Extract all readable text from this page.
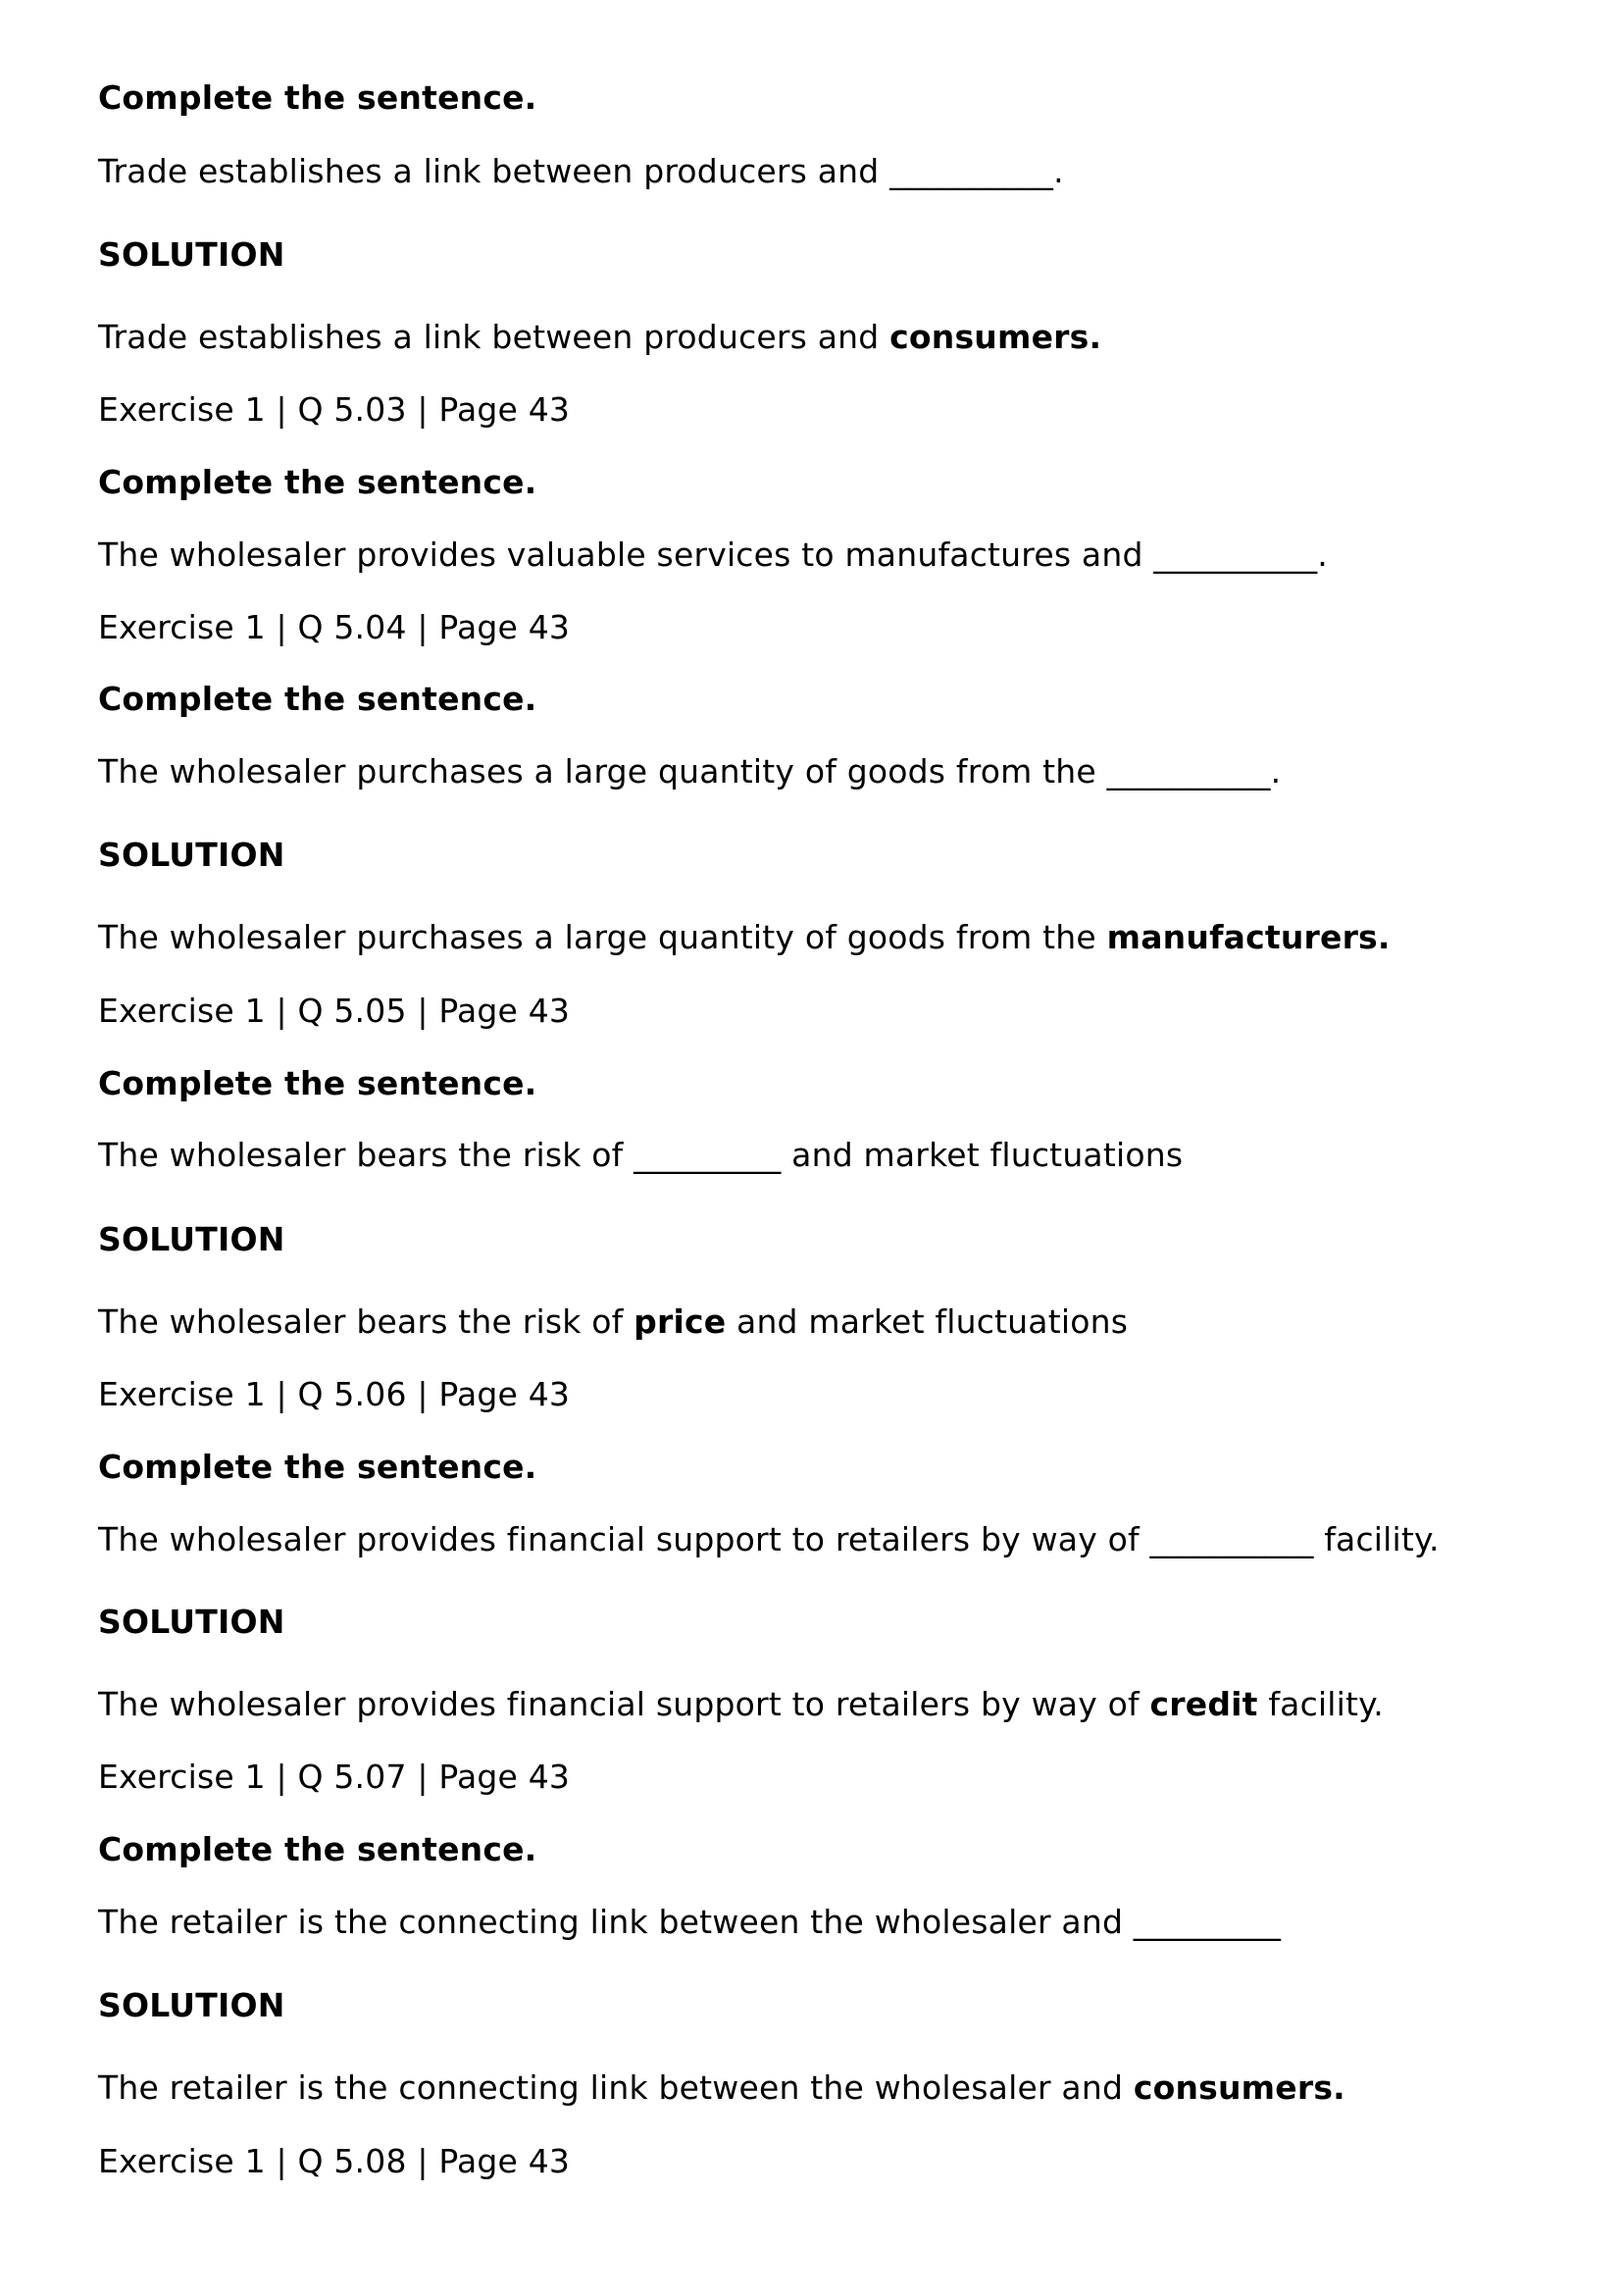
Complete the sentence.
Trade establishes a link between producers and __________.
SOLUTION
Trade establishes a link between producers and consumers.
Exercise 1 | Q 5.03 | Page 43
Complete the sentence.
The wholesaler provides valuable services to manufactures and __________.
Exercise 1 | Q 5.04 | Page 43
Complete the sentence.
The wholesaler purchases a large quantity of goods from the __________.
SOLUTION
The wholesaler purchases a large quantity of goods from the manufacturers.
Exercise 1 | Q 5.05 | Page 43
Complete the sentence.
The wholesaler bears the risk of _________ and market fluctuations
SOLUTION
The wholesaler bears the risk of price and market fluctuations
Exercise 1 | Q 5.06 | Page 43
Complete the sentence.
The wholesaler provides financial support to retailers by way of __________ facility.
SOLUTION
The wholesaler provides financial support to retailers by way of credit facility.
Exercise 1 | Q 5.07 | Page 43
Complete the sentence.
The retailer is the connecting link between the wholesaler and _________
SOLUTION
The retailer is the connecting link between the wholesaler and consumers.
Exercise 1 | Q 5.08 | Page 43
